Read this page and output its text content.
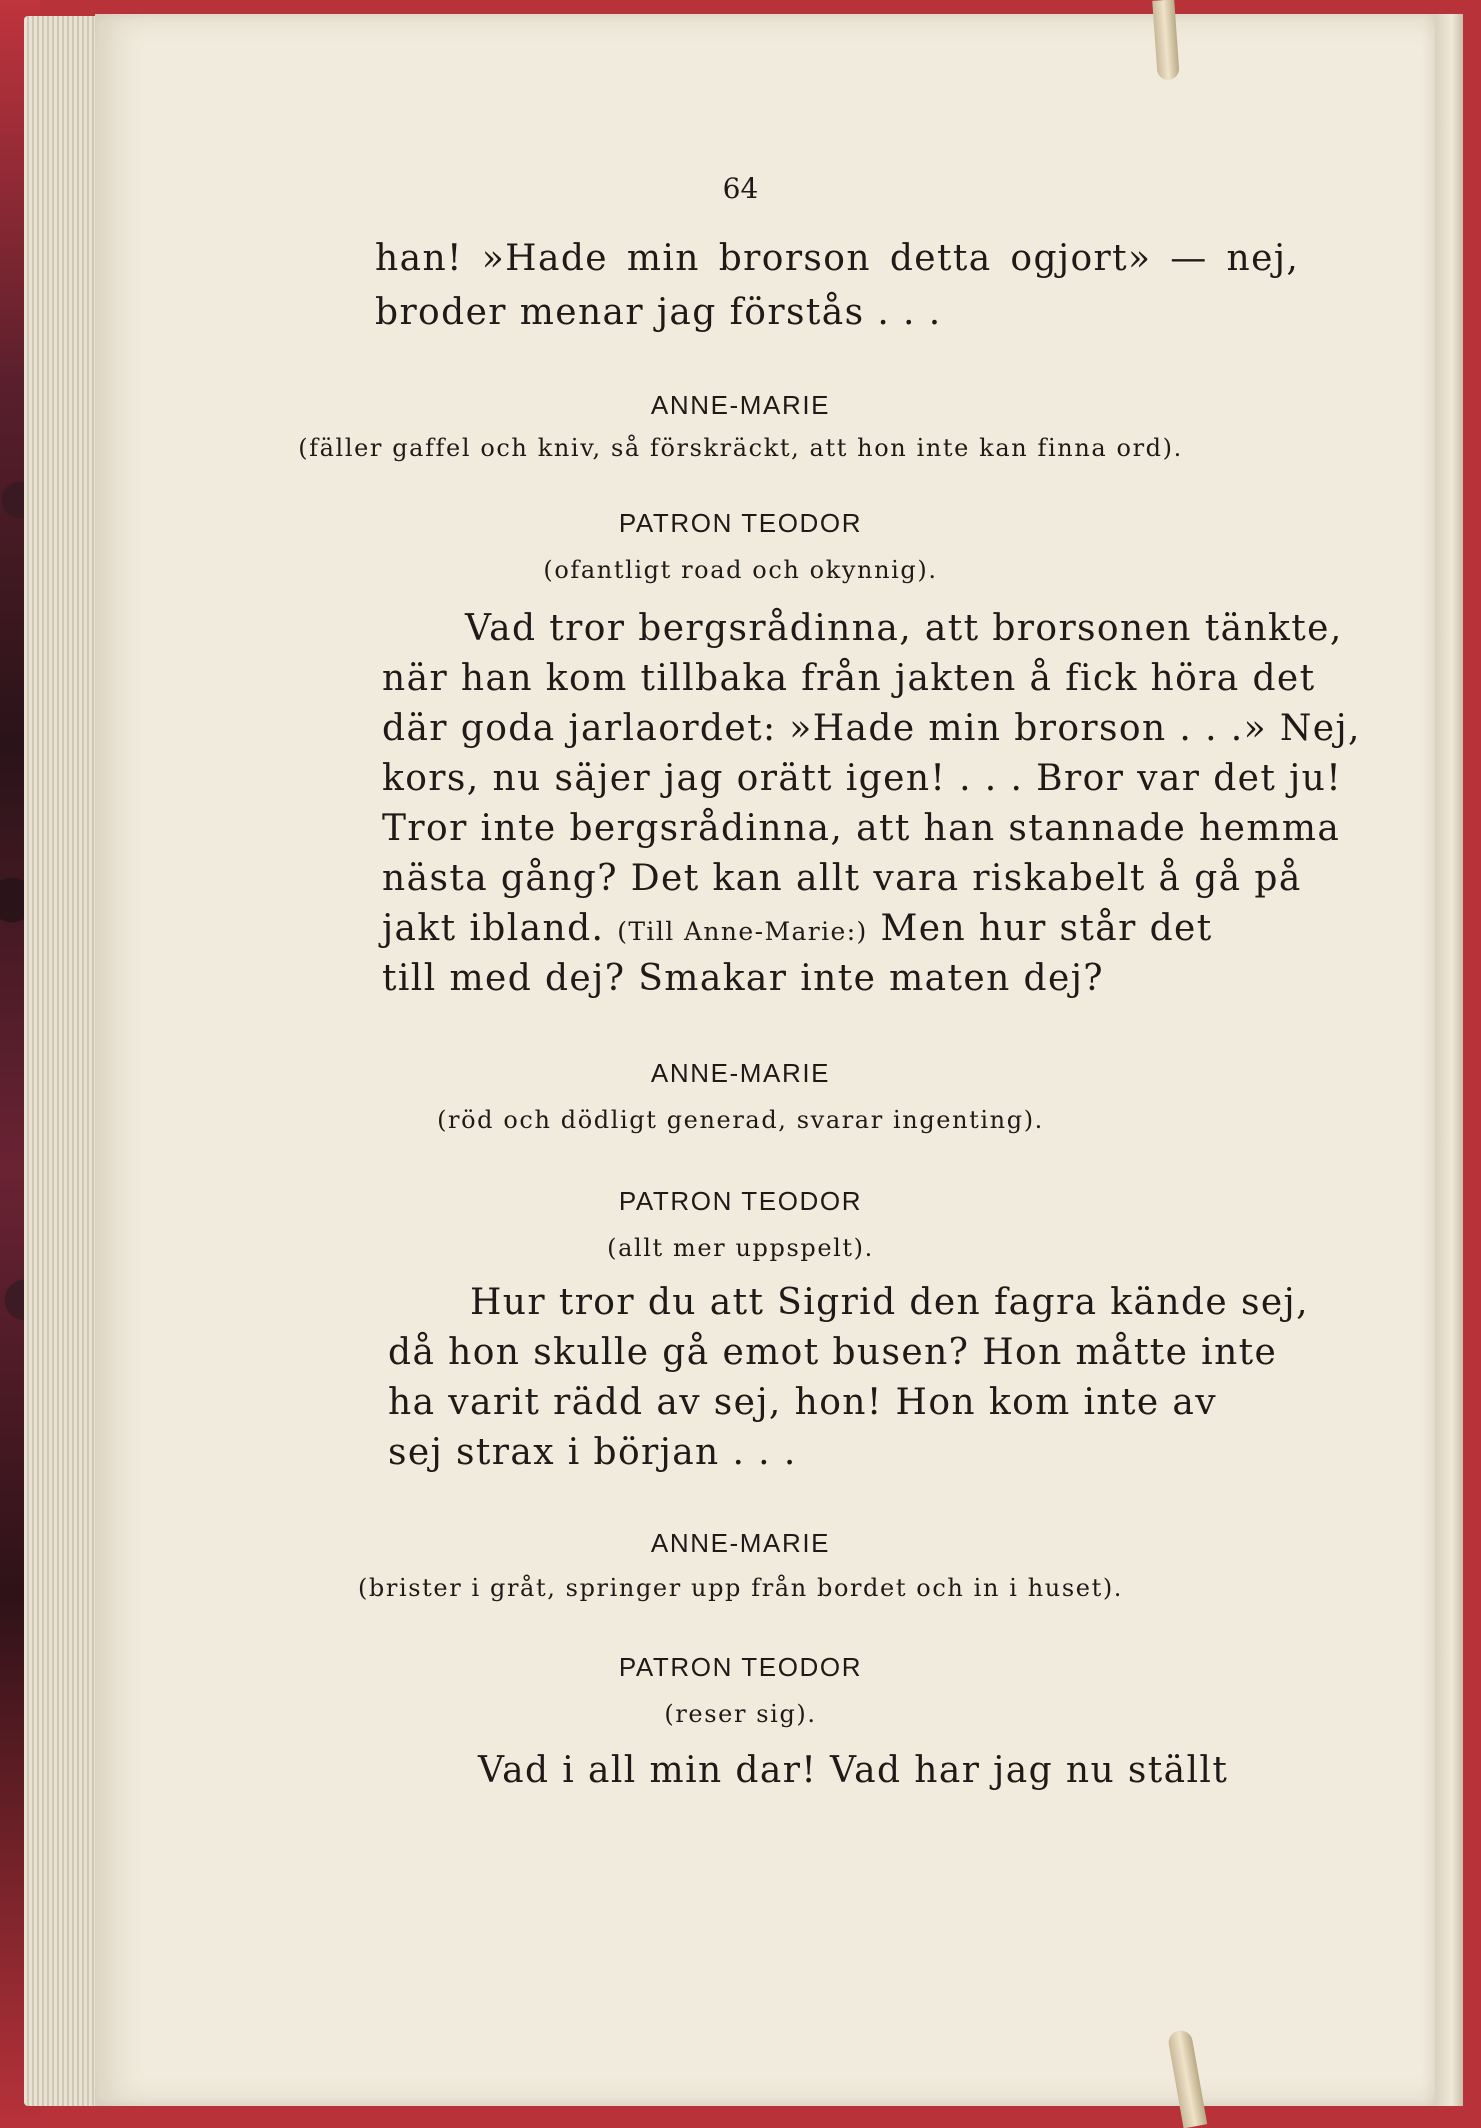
64

han! »Hade min brorson detta ogjort» — nej,

broder menar jag förstås . . .

ANNE-MARIE

(fäller gaffel och kniv, så förskräckt, att hon inte kan finna ord).

PATRON TEODOR

(ofantligt road och okynnig).

Vad tror bergsrådinna, att brorsonen tänkte,

när han kom tillbaka från jakten å fick höra det

där goda jarlaordet: »Hade min brorson . . .» Nej,

kors, nu säjer jag orätt igen! . . . Bror var det ju!

Tror inte bergsrådinna, att han stannade hemma

nästa gång? Det kan allt vara riskabelt å gå på

jakt ibland. (Till Anne-Marie:) Men hur står det

till med dej? Smakar inte maten dej?

ANNE-MARIE

(röd och dödligt generad, svarar ingenting).

PATRON TEODOR

(allt mer uppspelt).

Hur tror du att Sigrid den fagra kände sej,

då hon skulle gå emot busen? Hon måtte inte

ha varit rädd av sej, hon! Hon kom inte av

sej strax i början . . .

ANNE-MARIE

(brister i gråt, springer upp från bordet och in i huset).

PATRON TEODOR

(reser sig).

Vad i all min dar! Vad har jag nu ställt
